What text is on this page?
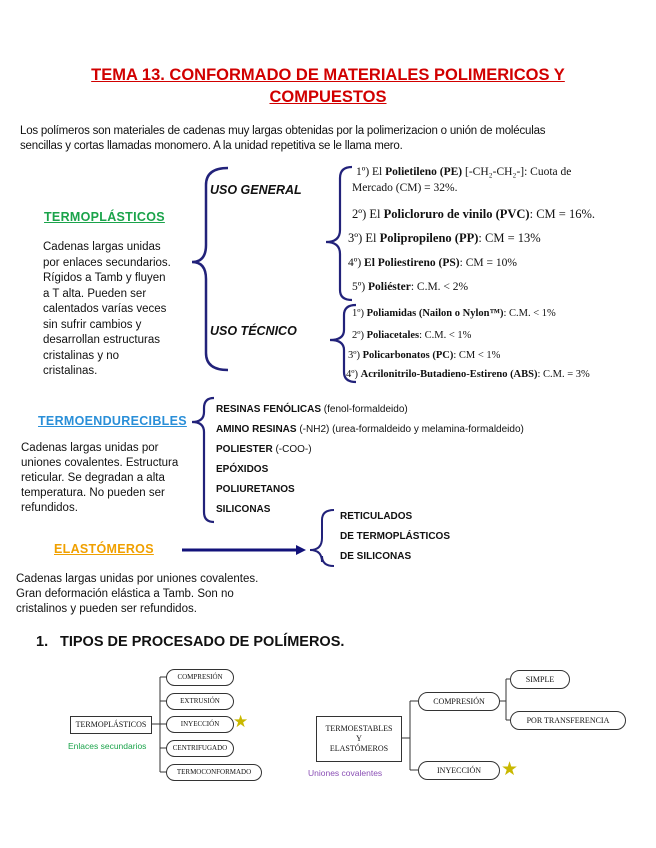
TEMA 13. CONFORMADO DE MATERIALES POLIMERICOS Y
COMPUESTOS
Los polímeros son materiales de cadenas muy largas obtenidas por la polimerizacion o unión de moléculas
sencillas y cortas llamadas monomero. A la unidad repetitiva se le llama mero.
TERMOPLÁSTICOS
Cadenas largas unidas
por enlaces secundarios.
Rígidos a Tamb y fluyen
a T alta. Pueden ser
calentados varías veces
sin sufrir cambios y
desarrollan estructuras
cristalinas y no
cristalinas.
USO GENERAL
USO TÉCNICO
1º) El Polietileno (PE) [-CH₂-CH₂-]: Cuota de
Mercado (CM) = 32%.
2º) El Policloruro de vinilo (PVC): CM = 16%.
3º) El Polipropileno (PP): CM = 13%
4º) El Poliestireno (PS): CM = 10%
5º) Poliéster: C.M. < 2%
1º) Poliamidas (Nailon o Nylon™): C.M. < 1%
2º) Poliacetales: C.M. < 1%
3º) Policarbonatos (PC): CM < 1%
4º) Acrilonitrilo-Butadieno-Estireno (ABS): C.M. = 3%
TERMOENDURECIBLES
Cadenas largas unidas por
uniones covalentes. Estructura
reticular. Se degradan a alta
temperatura. No pueden ser
refundidos.
RESINAS FENÓLICAS (fenol-formaldeido)
AMINO RESINAS (-NH2) (urea-formaldeido y melamina-formaldeido)
POLIESTER (-COO-)
EPÓXIDOS
POLIURETANOS
SILICONAS
ELASTÓMEROS
RETICULADOS
DE TERMOPLÁSTICOS
DE SILICONAS
Cadenas largas unidas por uniones covalentes.
Gran deformación elástica a Tamb. Son no
cristalinos y pueden ser refundidos.
1. TIPOS DE PROCESADO DE POLÍMEROS.
TERMOPLÁSTICOS
Enlaces secundarios
COMPRESIÓN
EXTRUSIÓN
INYECCIÓN
CENTRIFUGADO
TERMOCONFORMADO
★	TERMOESTABLES
Y
ELASTÓMEROS
Uniones covalentes
COMPRESIÓN
INYECCIÓN
SIMPLE
POR TRANSFERENCIA
★
